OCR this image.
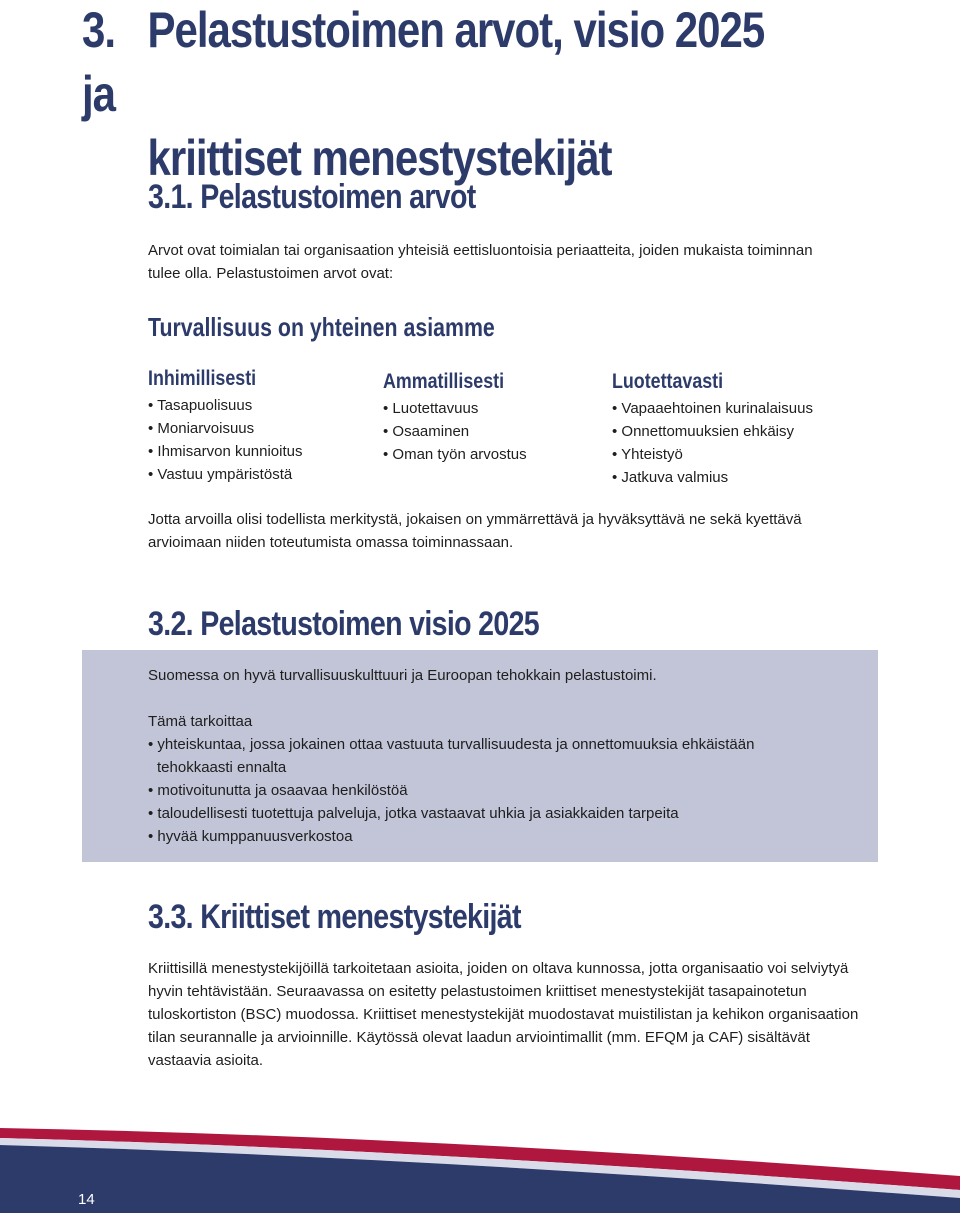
3. Pelastustoimen arvot, visio 2025 ja
kriittiset menestystekijät
3.1. Pelastustoimen arvot

Arvot ovat toimialan tai organisaation yhteisiä eettisluontoisia periaatteita, joiden mukaista toiminnan

tulee olla. Pelastustoimen arvot ovat:

Turvallisuus on yhteinen asiamme
Inhimillisesti
• Tasapuolisuus
• Moniarvoisuus
• Ihmisarvon kunnioitus
• Vastuu ympäristöstä
Ammatillisesti
• Luotettavuus
• Osaaminen
• Oman työn arvostus
Luotettavasti
• Vapaaehtoinen kurinalaisuus
• Onnettomuuksien ehkäisy
• Yhteistyö
• Jatkuva valmius

Jotta arvoilla olisi todellista merkitystä, jokaisen on ymmärrettävä ja hyväksyttävä ne sekä kyettävä

arvioimaan niiden toteutumista omassa toiminnassaan.

3.2. Pelastustoimen visio 2025

Suomessa on hyvä turvallisuuskulttuuri ja Euroopan tehokkain pelastustoimi.

Tämä tarkoittaa

• yhteiskuntaa, jossa jokainen ottaa vastuuta turvallisuudesta ja onnettomuuksia ehkäistään tehokkaasti ennalta
• motivoitunutta ja osaavaa henkilöstöä
• taloudellisesti tuotettuja palveluja, jotka vastaavat uhkia ja asiakkaiden tarpeita
• hyvää kumppanuusverkostoa
3.3. Kriittiset menestystekijät

Kriittisillä menestystekijöillä tarkoitetaan asioita, joiden on oltava kunnossa, jotta organisaatio voi selviytyä

hyvin tehtävistään. Seuraavassa on esitetty pelastustoimen kriittiset menestystekijät tasapainotetun

tuloskortiston (BSC) muodossa. Kriittiset menestystekijät muodostavat muistilistan ja kehikon organisaation

tilan seurannalle ja arvioinnille. Käytössä olevat laadun arviointimallit (mm. EFQM ja CAF) sisältävät

vastaavia asioita.

14
